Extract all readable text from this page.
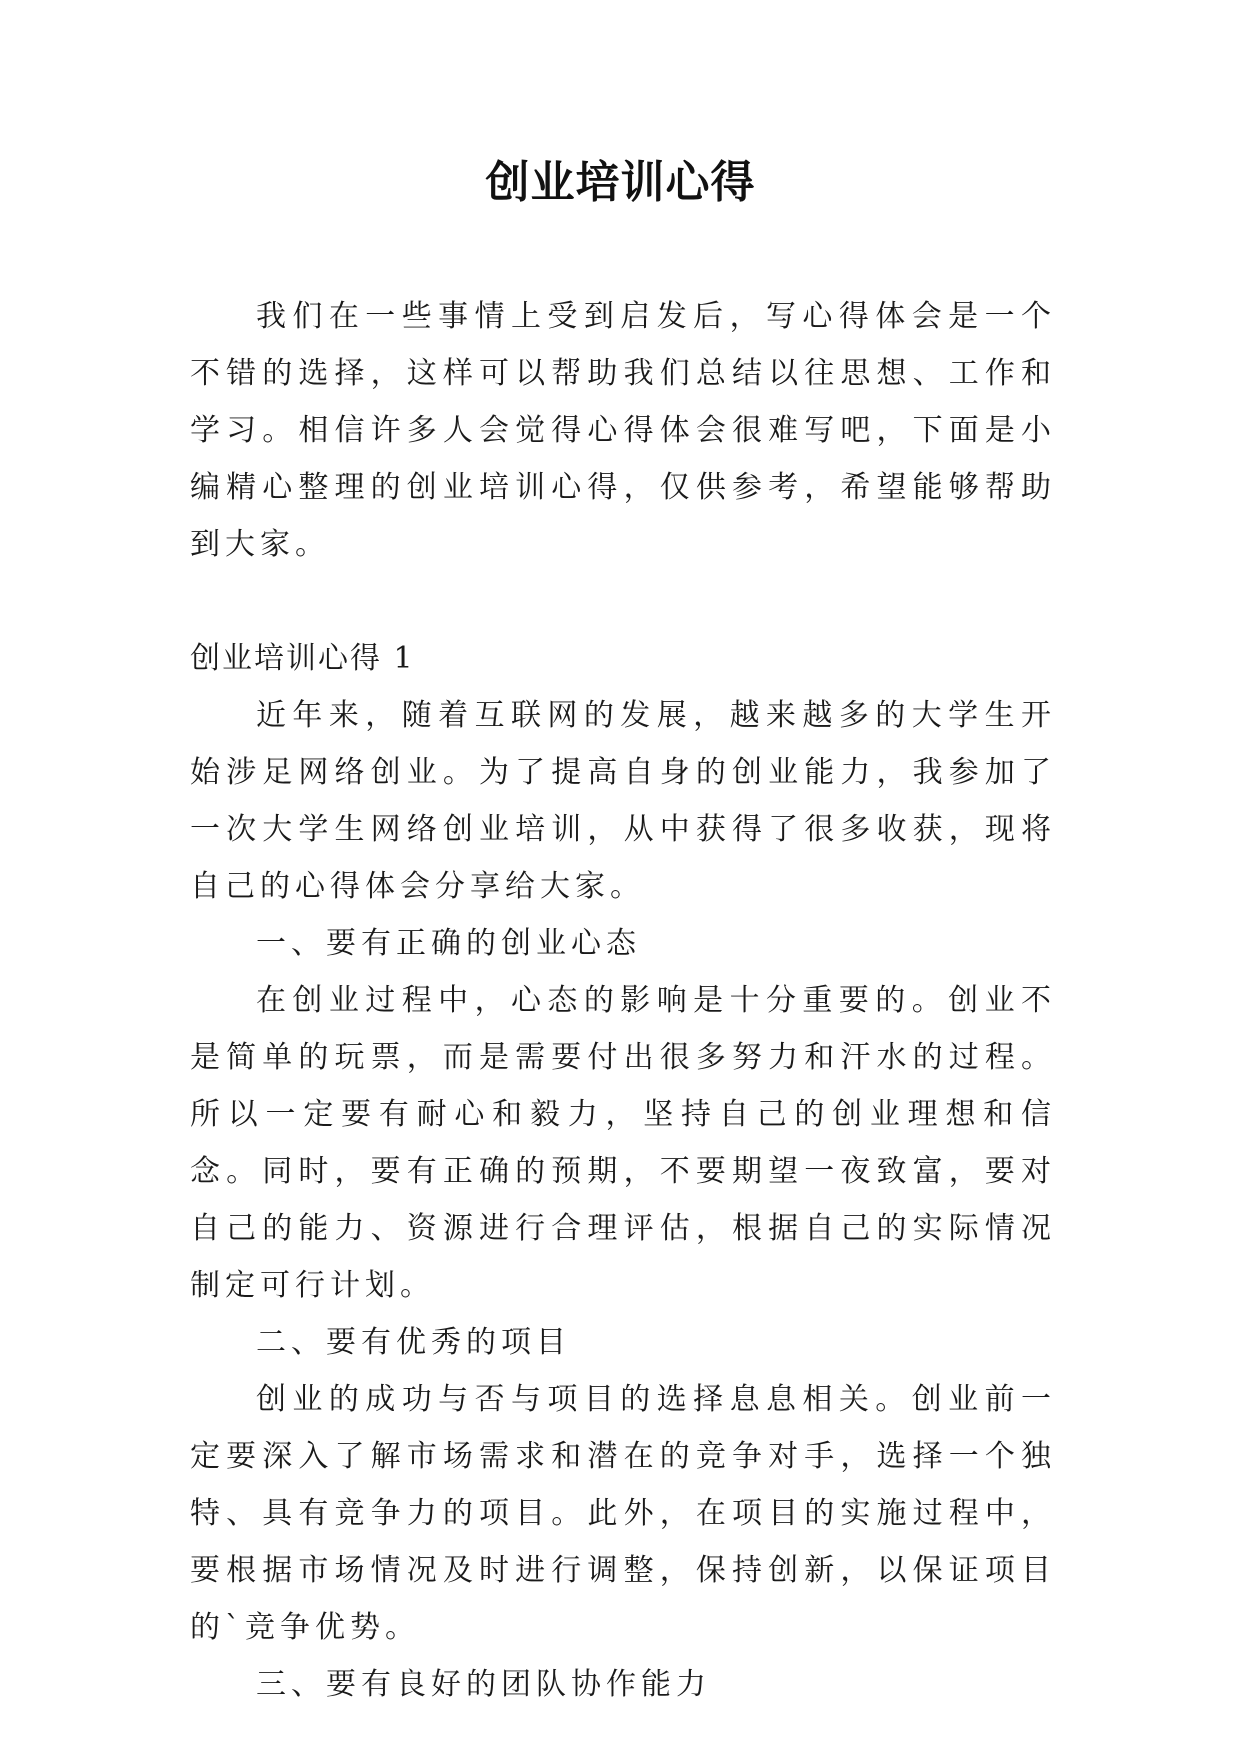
创业培训心得

我们在一些事情上受到启发后，写心得体会是一个不错的选择，这样可以帮助我们总结以往思想、工作和学习。相信许多人会觉得心得体会很难写吧，下面是小编精心整理的创业培训心得，仅供参考，希望能够帮助到大家。

创业培训心得 1

近年来，随着互联网的发展，越来越多的大学生开始涉足网络创业。为了提高自身的创业能力，我参加了一次大学生网络创业培训，从中获得了很多收获，现将自己的心得体会分享给大家。

一、要有正确的创业心态

在创业过程中，心态的影响是十分重要的。创业不是简单的玩票，而是需要付出很多努力和汗水的过程。所以一定要有耐心和毅力，坚持自己的创业理想和信念。同时，要有正确的预期，不要期望一夜致富，要对自己的能力、资源进行合理评估，根据自己的实际情况制定可行计划。

二、要有优秀的项目

创业的成功与否与项目的选择息息相关。创业前一定要深入了解市场需求和潜在的竞争对手，选择一个独特、具有竞争力的项目。此外，在项目的实施过程中，要根据市场情况及时进行调整，保持创新，以保证项目的`竞争优势。

三、要有良好的团队协作能力
